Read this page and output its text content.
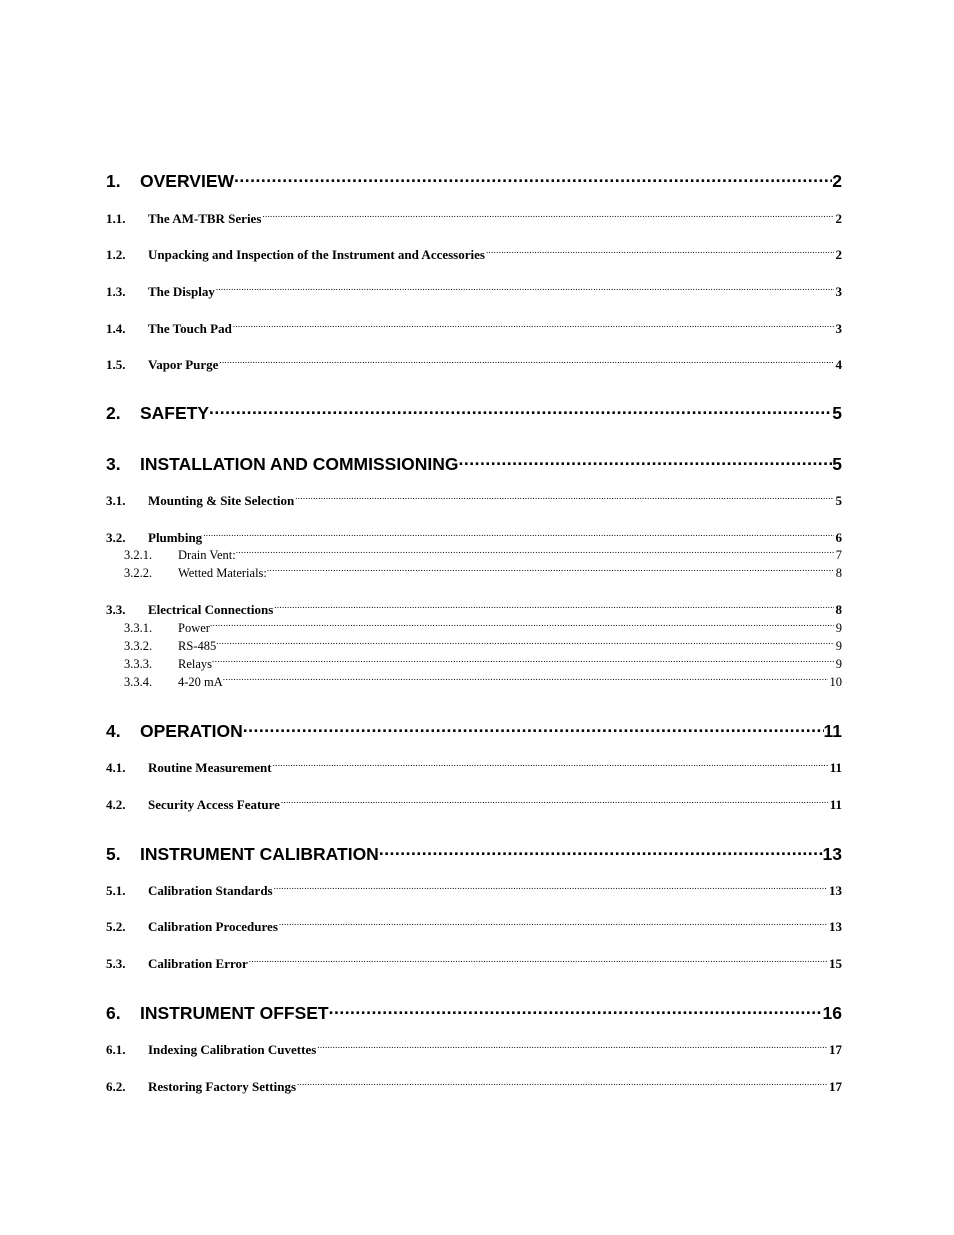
1.	OVERVIEW .....	2
1.1.	The AM-TBR Series .....	2
1.2.	Unpacking and Inspection of the Instrument and Accessories .....	2
1.3.	The Display .....	3
1.4.	The Touch Pad .....	3
1.5.	Vapor Purge .....	4
2.	SAFETY .....	5
3.	INSTALLATION AND COMMISSIONING .....	5
3.1.	Mounting & Site Selection .....	5
3.2.	Plumbing .....	6
3.2.1.	Drain Vent: .....	7
3.2.2.	Wetted Materials: .....	8
3.3.	Electrical Connections .....	8
3.3.1.	Power .....	9
3.3.2.	RS-485 .....	9
3.3.3.	Relays .....	9
3.3.4.	4-20 mA .....	10
4.	OPERATION .....	11
4.1.	Routine Measurement .....	11
4.2.	Security Access Feature .....	11
5.	INSTRUMENT CALIBRATION .....	13
5.1.	Calibration Standards .....	13
5.2.	Calibration Procedures .....	13
5.3.	Calibration Error .....	15
6.	INSTRUMENT OFFSET .....	16
6.1.	Indexing Calibration Cuvettes .....	17
6.2.	Restoring Factory Settings .....	17
